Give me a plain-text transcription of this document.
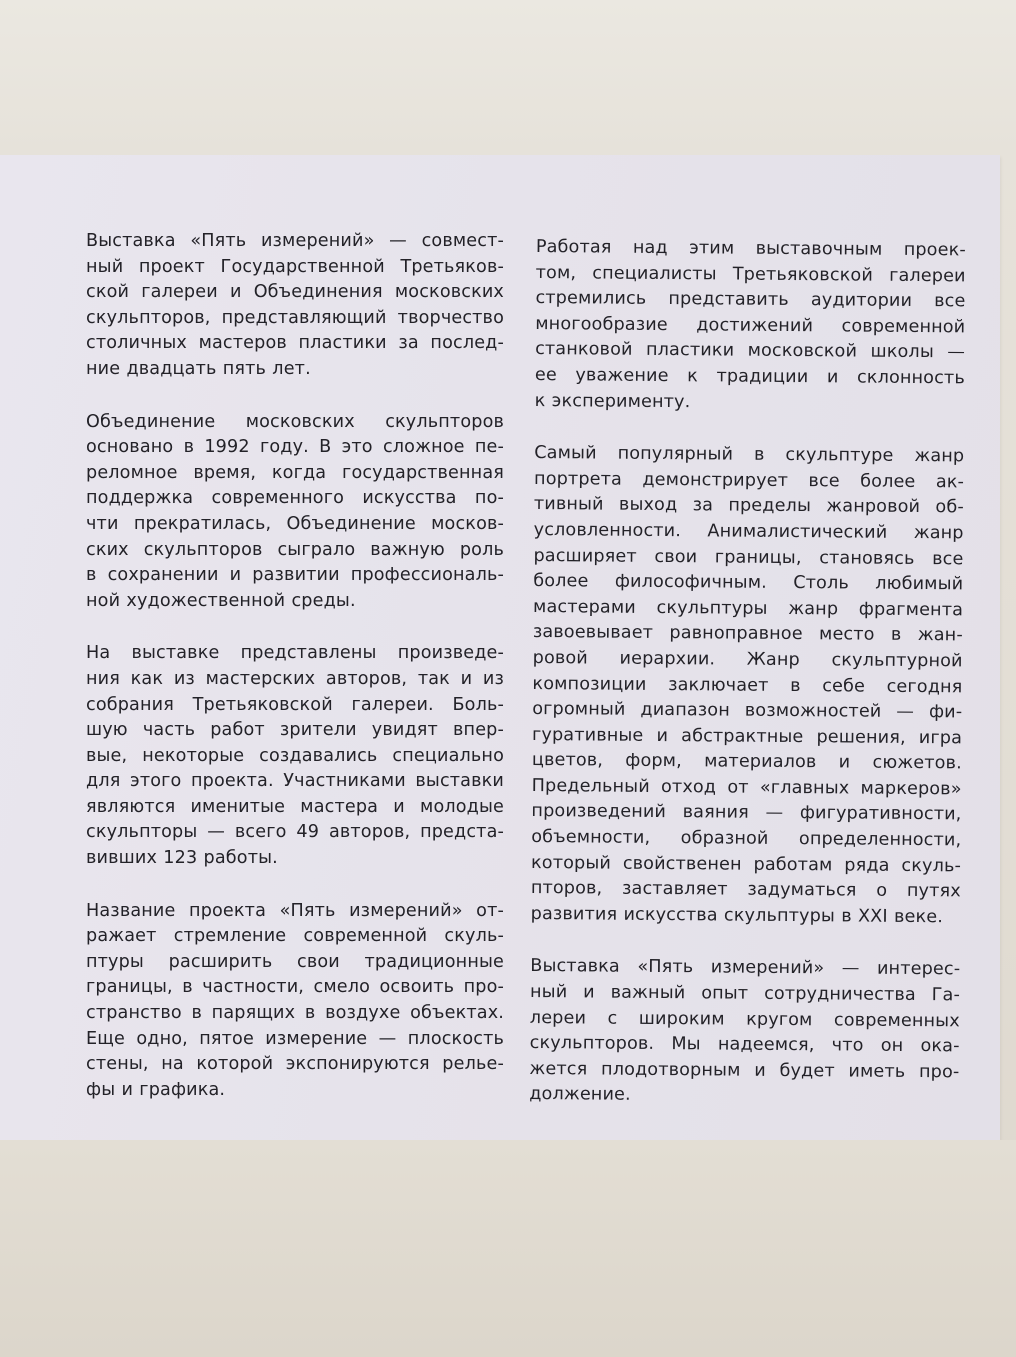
Выставка «Пять измерений» — совмест-
ный проект Государственной Третьяков-
ской галереи и Объединения московских
скульпторов, представляющий творчество
столичных мастеров пластики за послед-
ние двадцать пять лет.
Объединение московских скульпторов
основано в 1992 году. В это сложное пе-
реломное время, когда государственная
поддержка современного искусства по-
чти прекратилась, Объединение москов-
ских скульпторов сыграло важную роль
в сохранении и развитии профессиональ-
ной художественной среды.
На выставке представлены произведе-
ния как из мастерских авторов, так и из
собрания Третьяковской галереи. Боль-
шую часть работ зрители увидят впер-
вые, некоторые создавались специально
для этого проекта. Участниками выставки
являются именитые мастера и молодые
скульпторы — всего 49 авторов, предста-
вивших 123 работы.
Название проекта «Пять измерений» от-
ражает стремление современной скуль-
птуры расширить свои традиционные
границы, в частности, смело освоить про-
странство в парящих в воздухе объектах.
Еще одно, пятое измерение — плоскость
стены, на которой экспонируются релье-
фы и графика.
Работая над этим выставочным проек-
том, специалисты Третьяковской галереи
стремились представить аудитории все
многообразие достижений современной
станковой пластики московской школы —
ее уважение к традиции и склонность
к эксперименту.
Самый популярный в скульптуре жанр
портрета демонстрирует все более ак-
тивный выход за пределы жанровой об-
условленности. Анималистический жанр
расширяет свои границы, становясь все
более философичным. Столь любимый
мастерами скульптуры жанр фрагмента
завоевывает равноправное место в жан-
ровой иерархии. Жанр скульптурной
композиции заключает в себе сегодня
огромный диапазон возможностей — фи-
гуративные и абстрактные решения, игра
цветов, форм, материалов и сюжетов.
Предельный отход от «главных маркеров»
произведений ваяния — фигуративности,
объемности, образной определенности,
который свойственен работам ряда скуль-
пторов, заставляет задуматься о путях
развития искусства скульптуры в XXI веке.
Выставка «Пять измерений» — интерес-
ный и важный опыт сотрудничества Га-
лереи с широким кругом современных
скульпторов. Мы надеемся, что он ока-
жется плодотворным и будет иметь про-
должение.
